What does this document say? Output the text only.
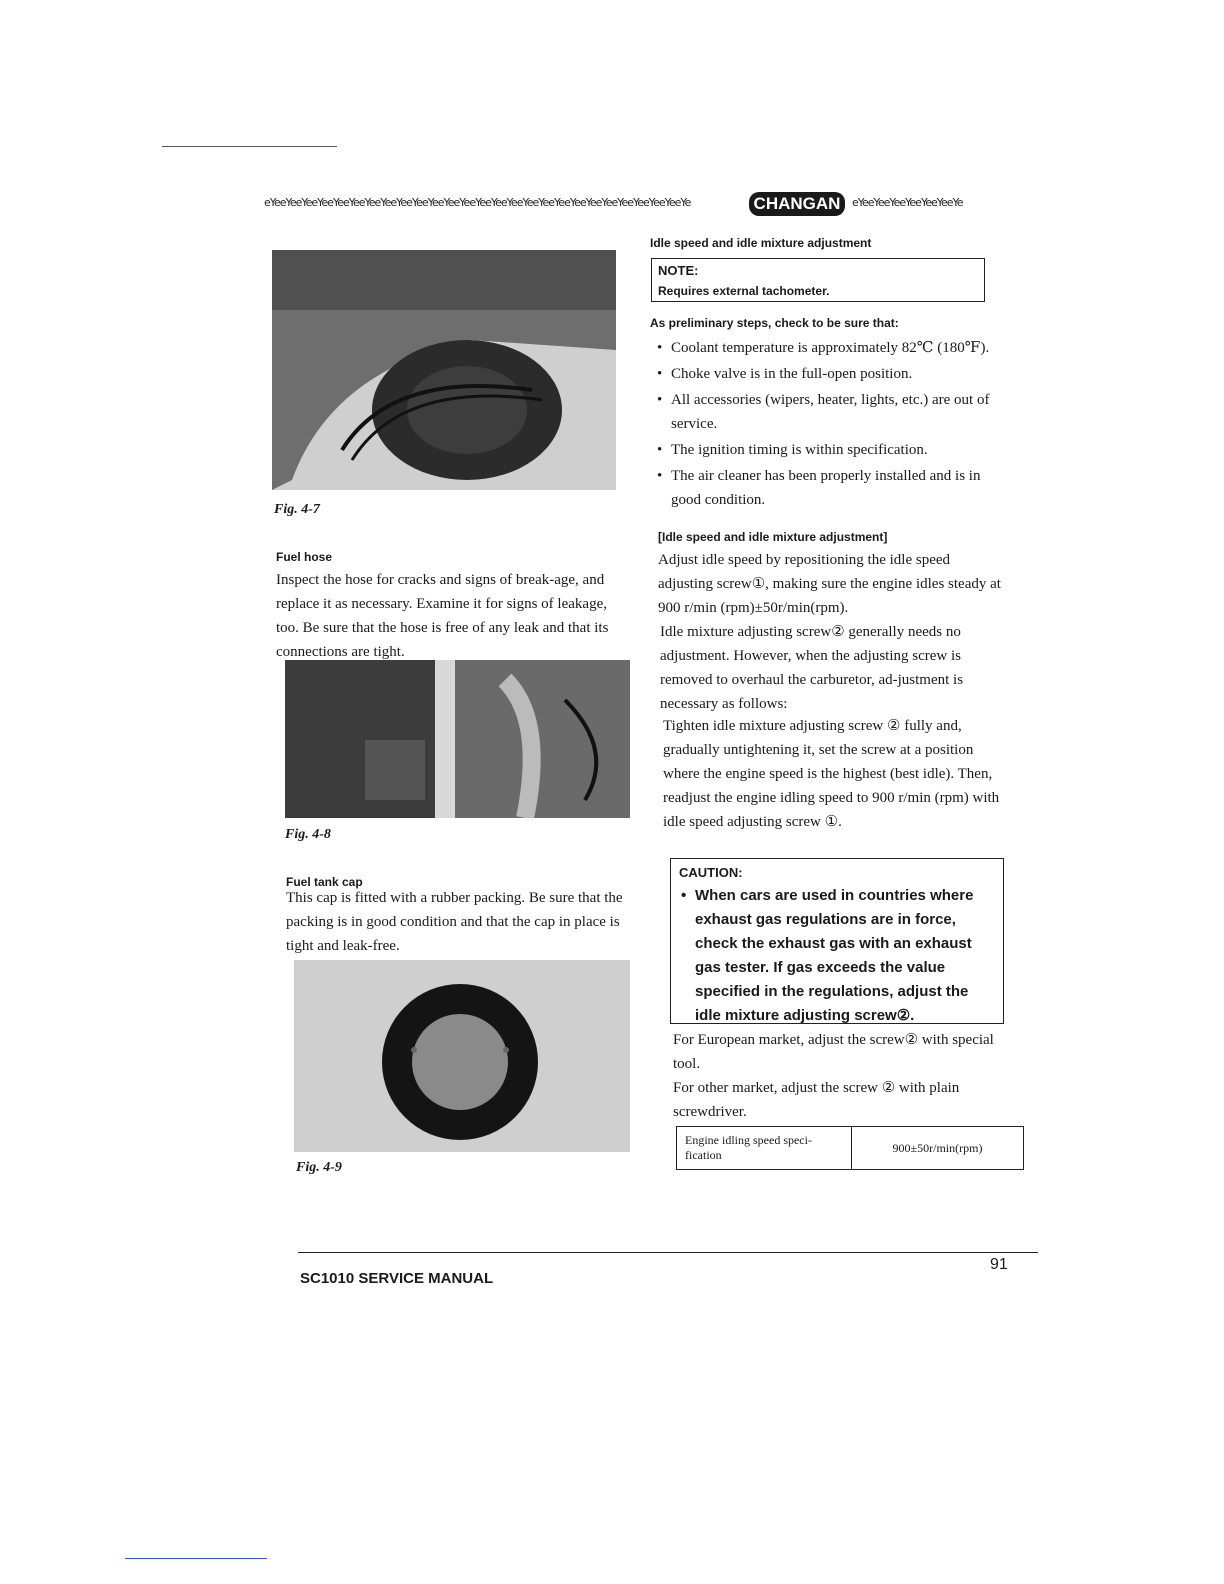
eYeeYeeYeeYeeYeeYeeYeeYeeYeeYeeYeeYeeYeeYeeYeeYeeYeeYeeYeeYeeYeeYeeYeeYeeYeeYeeYe	CHANGAN	eYeeYeeYeeYeeYeeYeeYe
Fig. 4-7
Fuel hose
Inspect the hose for cracks and signs of break-age, and replace it as necessary. Examine it for signs of leakage, too. Be sure that the hose is free of any leak and that its connections are tight.
Fig. 4-8
Fuel tank cap
This cap is fitted with a rubber packing. Be sure that the packing is in good condition and that the cap in place is tight and leak-free.
Fig. 4-9
Idle speed and idle mixture adjustment
NOTE:
Requires external tachometer.
As preliminary steps, check to be sure that:
• Coolant temperature is approximately 82℃ (180℉).
• Choke valve is in the full-open position.
• All accessories (wipers, heater, lights, etc.) are out of service.
• The ignition timing is within specification.
• The air cleaner has been properly installed and is in good condition.
[Idle speed and idle mixture adjustment]
Adjust idle speed by repositioning the idle speed adjusting screw①, making sure the engine idles steady at 900 r/min (rpm)±50r/min(rpm).
Idle mixture adjusting screw② generally needs no adjustment. However, when the adjusting screw is removed to overhaul the carburetor, ad-justment is necessary as follows:
Tighten idle mixture adjusting screw ② fully and, gradually untightening it, set the screw at a position where the engine speed is the highest (best idle). Then, readjust the engine idling speed to 900 r/min (rpm) with idle speed adjusting screw ①.
CAUTION:
• When cars are used in countries where exhaust gas regulations are in force, check the exhaust gas with an exhaust gas tester. If gas exceeds the value specified in the regulations, adjust the idle mixture adjusting screw②.
For European market, adjust the screw② with special tool.
For other market, adjust the screw ② with plain screwdriver.
Engine idling speed speci-fication	900±50r/min(rpm)
91
SC1010 SERVICE MANUAL
